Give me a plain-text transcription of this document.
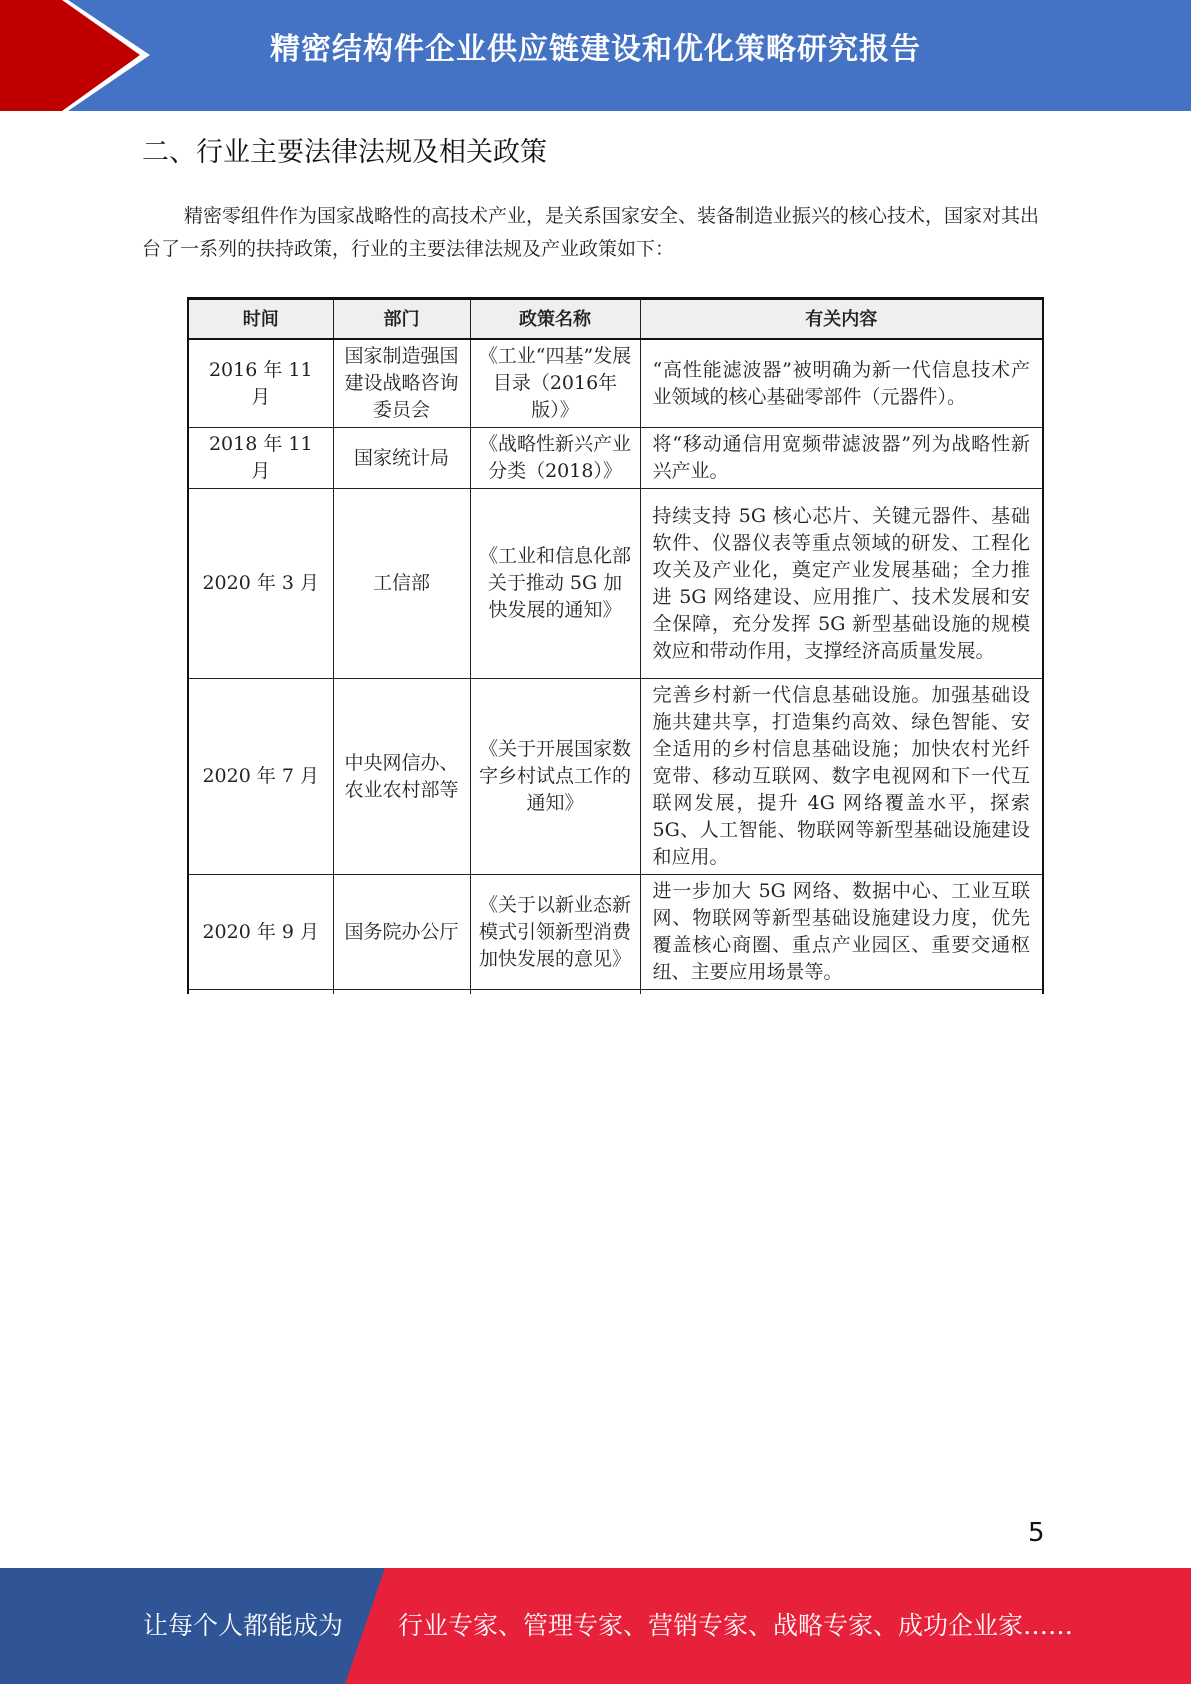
精密结构件企业供应链建设和优化策略研究报告
二、行业主要法律法规及相关政策

精密零组件作为国家战略性的高技术产业，是关系国家安全、装备制造业振兴的核心技术，国家对其出台了一系列的扶持政策，行业的主要法律法规及产业政策如下：

时间	部门	政策名称	有关内容
2016 年 11 月	国家制造强国建设战略咨询委员会	《工业“四基”发展目录（2016年版）》	“高性能滤波器”被明确为新一代信息技术产业领域的核心基础零部件（元器件）。
2018 年 11 月	国家统计局	《战略性新兴产业分类（2018）》	将“移动通信用宽频带滤波器”列为战略性新兴产业。
2020 年 3 月	工信部	《工业和信息化部关于推动 5G 加快发展的通知》	持续支持 5G 核心芯片、关键元器件、基础软件、仪器仪表等重点领域的研发、工程化攻关及产业化，奠定产业发展基础；全力推进 5G 网络建设、应用推广、技术发展和安全保障，充分发挥 5G 新型基础设施的规模效应和带动作用，支撑经济高质量发展。
2020 年 7 月	中央网信办、农业农村部等	《关于开展国家数字乡村试点工作的通知》	完善乡村新一代信息基础设施。加强基础设施共建共享，打造集约高效、绿色智能、安全适用的乡村信息基础设施；加快农村光纤宽带、移动互联网、数字电视网和下一代互联网发展，提升 4G 网络覆盖水平，探索 5G、人工智能、物联网等新型基础设施建设和应用。
2020 年 9 月	国务院办公厅	《关于以新业态新模式引领新型消费加快发展的意见》	进一步加大 5G 网络、数据中心、工业互联网、物联网等新型基础设施建设力度，优先覆盖核心商圈、重点产业园区、重要交通枢纽、主要应用场景等。

5
让每个人都能成为 行业专家、管理专家、营销专家、战略专家、成功企业家……
